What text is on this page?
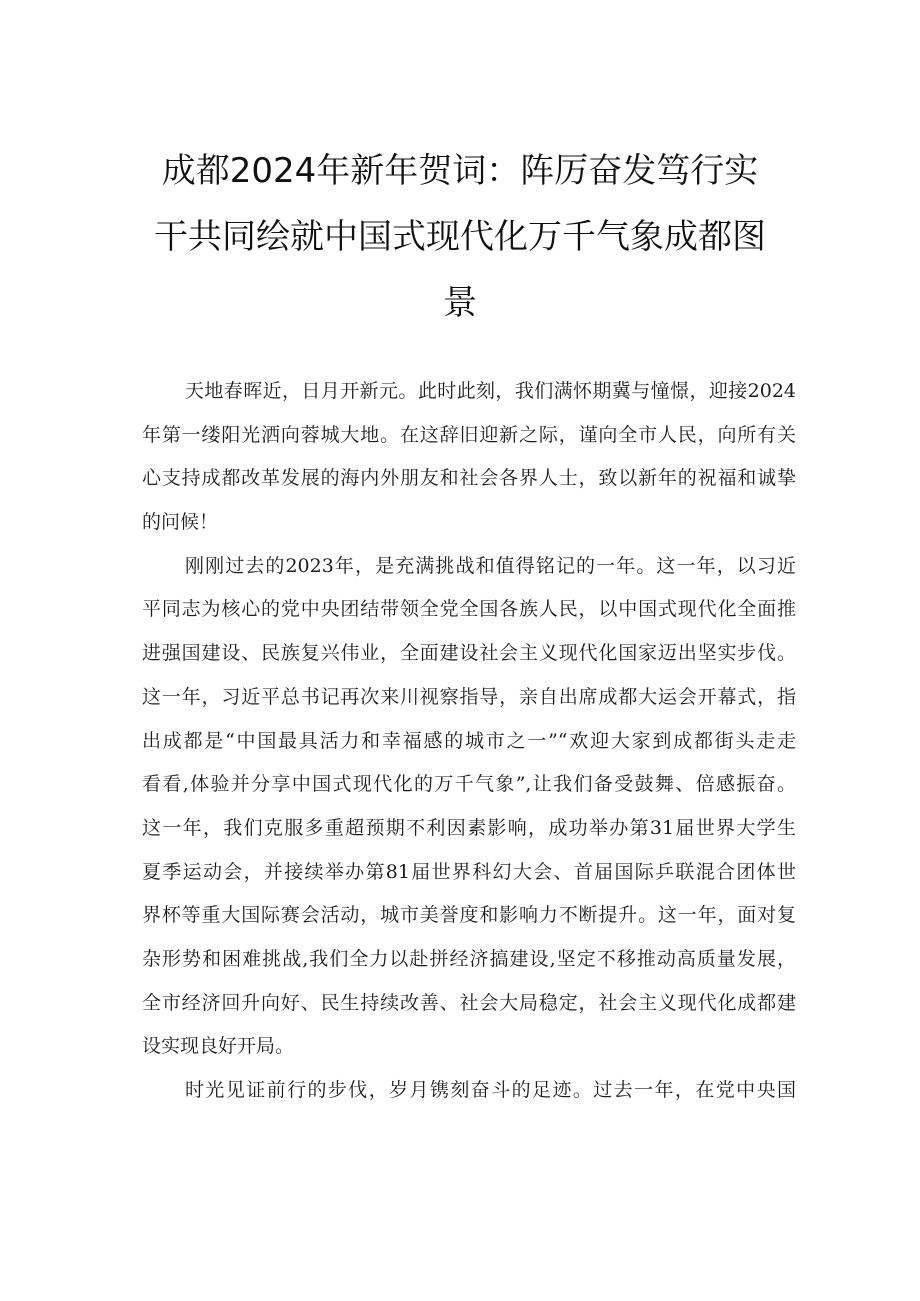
成都2024年新年贺词：阵厉奋发笃行实
干共同绘就中国式现代化万千气象成都图
景

天地春晖近，日月开新元。此时此刻，我们满怀期冀与憧憬，迎接2024
年第一缕阳光洒向蓉城大地。在这辞旧迎新之际，谨向全市人民，向所有关
心支持成都改革发展的海内外朋友和社会各界人士，致以新年的祝福和诚挚
的问候！

刚刚过去的2023年，是充满挑战和值得铭记的一年。这一年，以习近
平同志为核心的党中央团结带领全党全国各族人民，以中国式现代化全面推
进强国建设、民族复兴伟业，全面建设社会主义现代化国家迈出坚实步伐。
这一年，习近平总书记再次来川视察指导，亲自出席成都大运会开幕式，指
出成都是“中国最具活力和幸福感的城市之一”“欢迎大家到成都街头走走
看看,体验并分享中国式现代化的万千气象”,让我们备受鼓舞、倍感振奋。
这一年，我们克服多重超预期不利因素影响，成功举办第31届世界大学生
夏季运动会，并接续举办第81届世界科幻大会、首届国际乒联混合团体世
界杯等重大国际赛会活动，城市美誉度和影响力不断提升。这一年，面对复
杂形势和困难挑战,我们全力以赴拼经济搞建设,坚定不移推动高质量发展，
全市经济回升向好、民生持续改善、社会大局稳定，社会主义现代化成都建
设实现良好开局。

时光见证前行的步伐，岁月镌刻奋斗的足迹。过去一年，在党中央国
